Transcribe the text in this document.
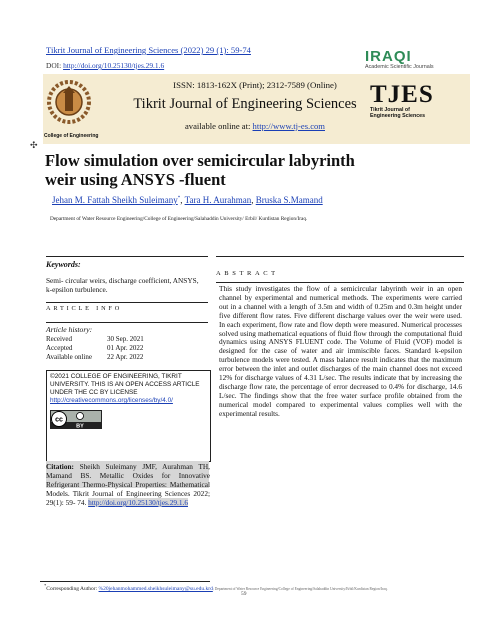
Tikrit Journal of Engineering Sciences (2022) 29 (1): 59-74
DOI: http://doi.org/10.25130/tjes.29.1.6
IRAQI
Academic Scientific Journals
College of Engineering
ISSN: 1813-162X (Print); 2312-7589 (Online)
Tikrit Journal of Engineering Sciences
available online at: http://www.tj-es.com
TJES
Tikrit Journal of
Engineering Sciences
✣
Flow simulation over semicircular labyrinth
weir using ANSYS -fluent
Jehan M. Fattah Sheikh Suleimany*, Tara H. Aurahman, Bruska S.Mamand
Department of Water Resource Engineering/College of Engineering/Salahaddin University/ Erbil/ Kurdistan Region/Iraq.
Keywords:
Semi- circular weirs, discharge coefficient, ANSYS, k-epsilon turbulence.
ARTICLE INFO
Article history:
Received	30 Sep. 2021
Accepted	01 Apr. 2022
Available online	22 Apr. 2022
©2021 COLLEGE OF ENGINEERING, TIKRIT UNIVERSITY. THIS IS AN OPEN ACCESS ARTICLE UNDER THE CC BY LICENSE
http://creativecommons.org/licenses/by/4.0/
cc
BY
Citation: Sheikh Suleimany JMF, Aurahman TH, Mamand BS. Metallic Oxides for Innovative Refrigerant Thermo-Physical Properties: Mathematical Models. Tikrit Journal of Engineering Sciences 2022; 29(1): 59- 74. http://doi.org/10.25130/tjes.29.1.6
ABSTRACT
This study investigates the flow of a semicircular labyrinth weir in an open channel by experimental and numerical methods. The experiments were carried out in a channel with a length of 3.5m and width of 0.25m and 0.3m height under five different flow rates. Five different discharge values over the weir were used. In each experiment, flow rate and flow depth were measured. Numerical processes solved using mathematical equations of fluid flow through the computational fluid dynamics using ANSYS FLUENT code. The Volume of Fluid (VOF) model is designed for the case of water and air immiscible faces. Standard k-epsilon turbulence models were tested. A mass balance result indicates that the maximum error between the inlet and outlet discharges of the main channel does not exceed 12% for discharge values of 4.31 L/sec. The results indicate that by increasing the discharge flow rate, the percentage of error decreased to 0.4% for discharge, 14.6 L/sec. The findings show that the free water surface profile obtained from the numerical model compared to experimental values complies well with the experimental results.
*Corresponding Author: %20jehanmohammed.sheikhsuleimany@su.edu.krd; Department of Water Resource Engineering/College of Engineering/Salahaddin University/Erbil/Kurdistan Region/Iraq.
59
